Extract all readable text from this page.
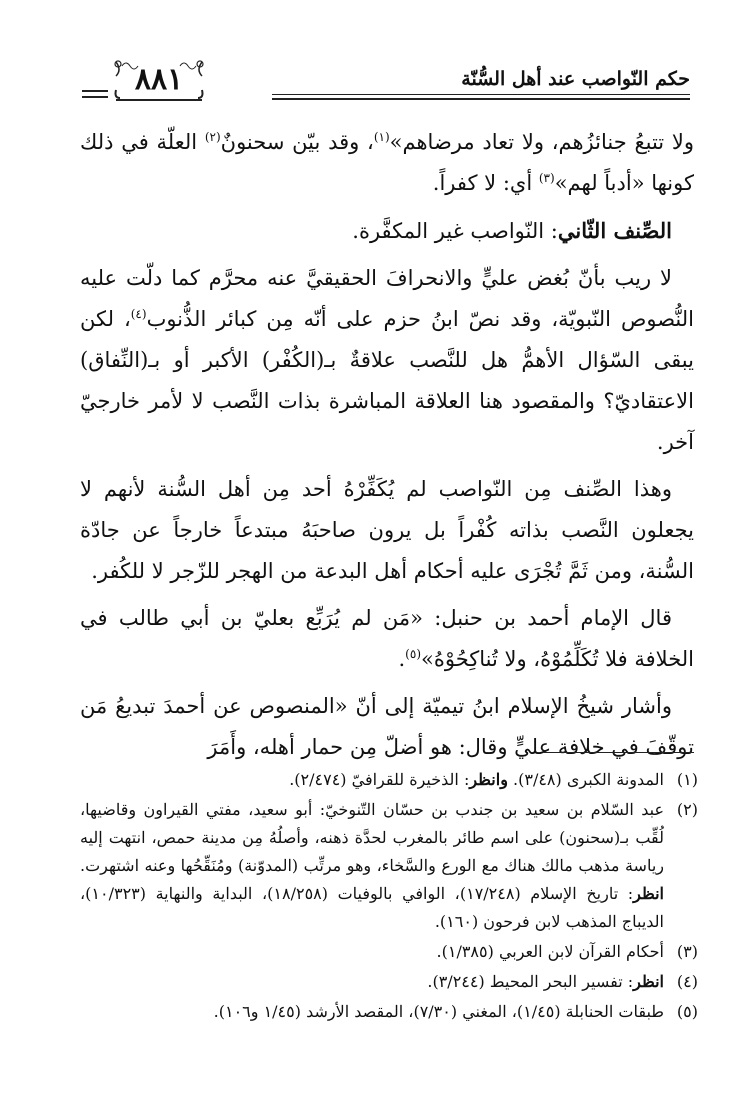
حكم النّواصب عند أهل السُّنّة
٨٨١

ولا تتبعُ جنائزُهم، ولا تعاد مرضاهم»$^{(١)}$، وقد بيّن سحنونٌ$^{(٢)}$ العلّة في ذلك كونها «أدباً لهم»$^{(٣)}$ أي: لا كفراً.

الصِّنف الثّاني: النّواصب غير المكفَّرة.

لا ريب بأنّ بُغض عليٍّ والانحرافَ الحقيقيَّ عنه محرَّم كما دلّت عليه النُّصوص النّبويّة، وقد نصّ ابنُ حزم على أنّه مِن كبائر الذُّنوب$^{(٤)}$، لكن يبقى السّؤال الأهمُّ هل للنَّصب علاقةٌ بـ(الكُفْر) الأكبر أو بـ(النِّفاق) الاعتقاديّ؟ والمقصود هنا العلاقة المباشرة بذات النَّصب لا لأمر خارجيّ آخر.

وهذا الصِّنف مِن النّواصب لم يُكَفِّرْهُ أحد مِن أهل السُّنة لأنهم لا يجعلون النَّصب بذاته كُفْراً بل يرون صاحبَهُ مبتدعاً خارجاً عن جادّة السُّنة، ومن ثَمَّ تُجْرَى عليه أحكام أهل البدعة من الهجر للزّجر لا للكُفر.

قال الإمام أحمد بن حنبل: «مَن لم يُرَبِّع بعليّ بن أبي طالب في الخلافة فلا تُكَلِّمُوْهُ، ولا تُناكِحُوْهُ»$^{(٥)}$.

وأشار شيخُ الإسلام ابنُ تيميّة إلى أنّ «المنصوص عن أحمدَ تبديعُ مَن توقّفَ في خلافة عليٍّ وقال: هو أضلّ مِن حمار أهله، وأَمَرَ

(١)
المدونة الكبرى (٣/٤٨). وانظر: الذخيرة للقرافيّ (٢/٤٧٤).
(٢)
عبد السّلام بن سعيد بن جندب بن حسّان التّنوخيّ: أبو سعيد، مفتي القيراون وقاضيها، لُقِّب بـ(سحنون) على اسم طائر بالمغرب لحدَّة ذهنه، وأصلُهُ مِن مدينة حمص، انتهت إليه رياسة مذهب مالك هناك مع الورع والسَّخاء، وهو مرتِّب (المدوّنة) ومُنَقِّحُها وعنه اشتهرت. انظر: تاريخ الإسلام (١٧/٢٤٨)، الوافي بالوفيات (١٨/٢٥٨)، البداية والنهاية (١٠/٣٢٣)، الديباج المذهب لابن فرحون (١٦٠).
(٣)
أحكام القرآن لابن العربي (١/٣٨٥).
(٤)
انظر: تفسير البحر المحيط (٣/٢٤٤).
(٥)
طبقات الحنابلة (١/٤٥)، المغني (٧/٣٠)، المقصد الأرشد (١/٤٥ و١٠٦).
